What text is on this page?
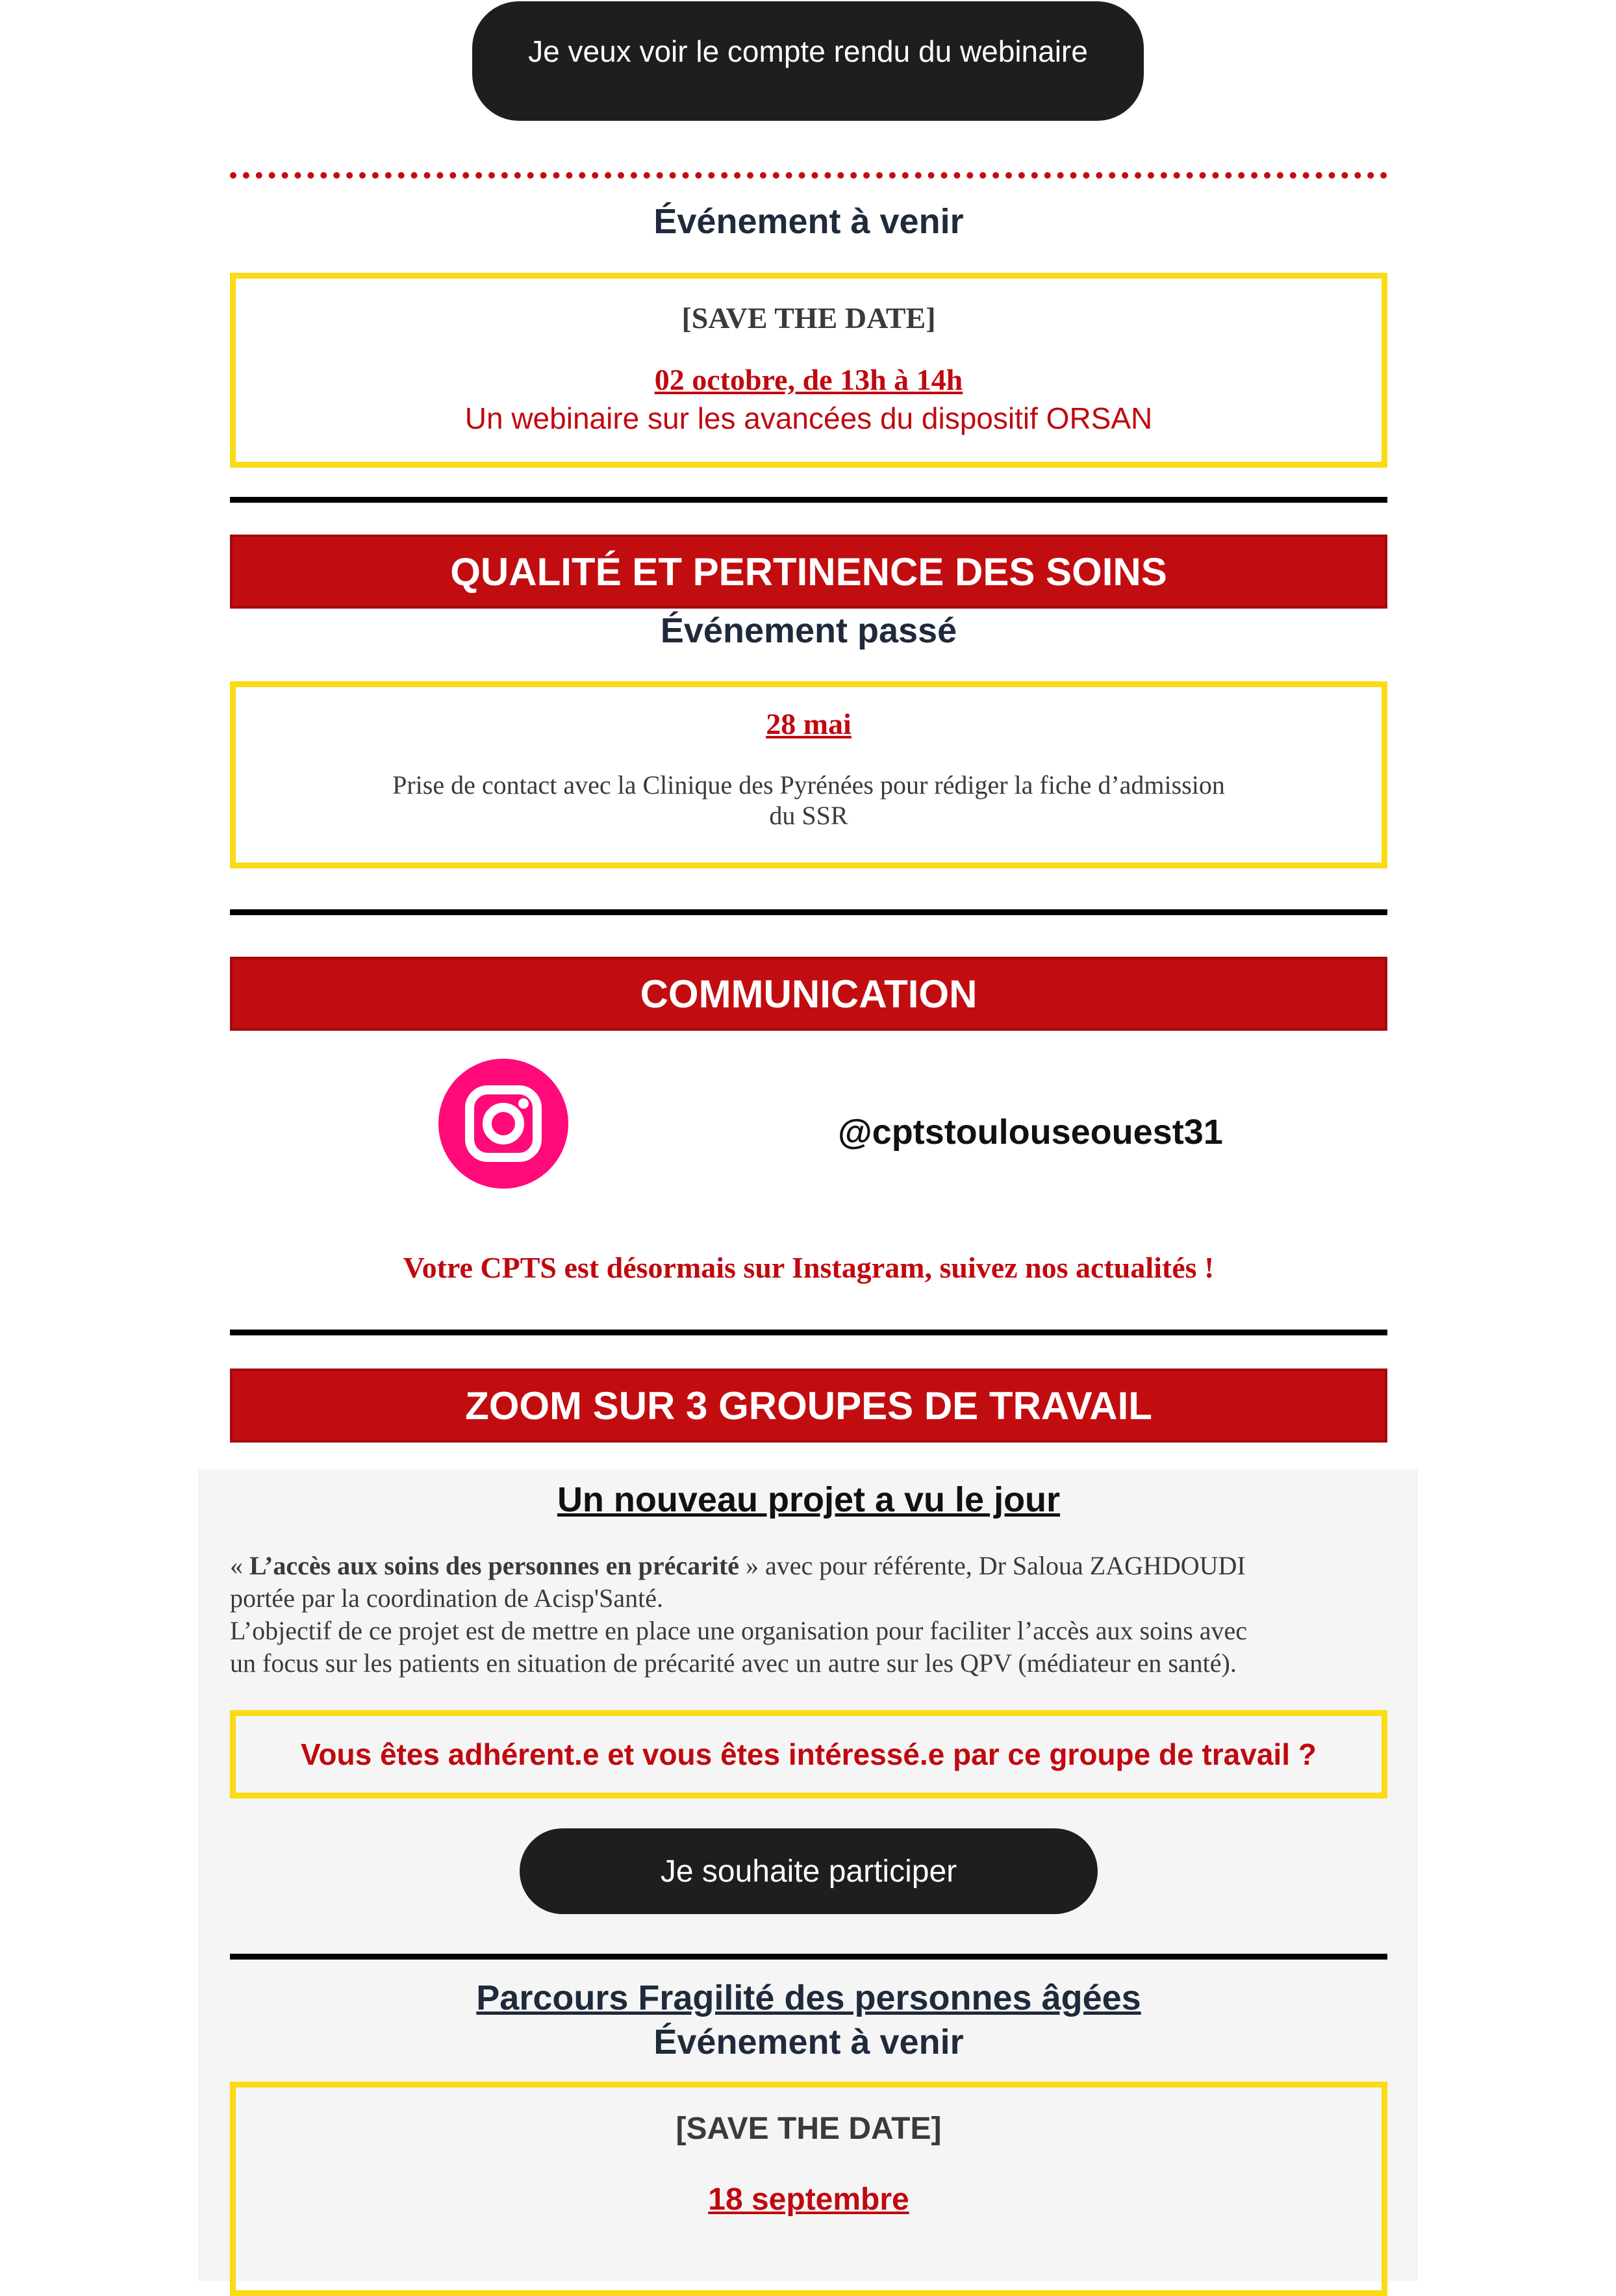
Je veux voir le compte rendu du webinaire
Événement à venir
[SAVE THE DATE]
02 octobre, de 13h à 14h
Un webinaire sur les avancées du dispositif ORSAN
QUALITÉ ET PERTINENCE DES SOINS
Événement passé
28 mai
Prise de contact avec la Clinique des Pyrénées pour rédiger la fiche d’admission
du SSR
COMMUNICATION
@cptstoulouseouest31
Votre CPTS est désormais sur Instagram, suivez nos actualités !
ZOOM SUR 3 GROUPES DE TRAVAIL
Un nouveau projet a vu le jour
« L’accès aux soins des personnes en précarité » avec pour référente, Dr Saloua ZAGHDOUDI
portée par la coordination de Acisp'Santé.
L’objectif de ce projet est de mettre en place une organisation pour faciliter l’accès aux soins avec
un focus sur les patients en situation de précarité avec un autre sur les QPV (médiateur en santé).
Vous êtes adhérent.e et vous êtes intéressé.e par ce groupe de travail ?
Je souhaite participer
Parcours Fragilité des personnes âgées
Événement à venir
[SAVE THE DATE]
18 septembre
